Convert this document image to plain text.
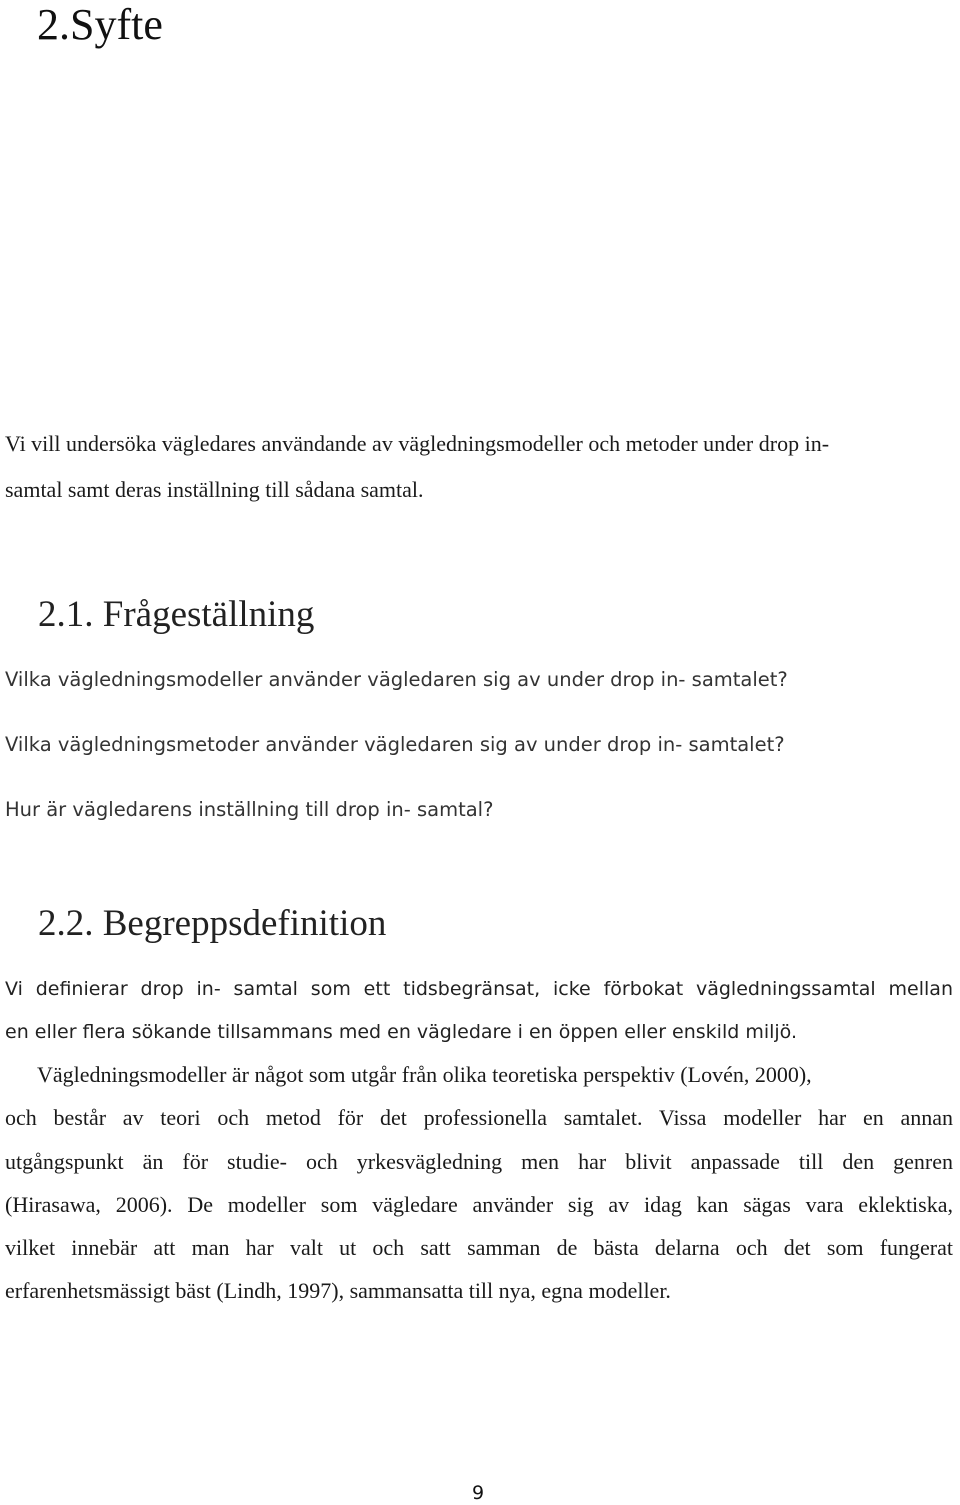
2.Syfte
Vi vill undersöka vägledares användande av vägledningsmodeller och metoder under drop in-
samtal samt deras inställning till sådana samtal.
2.1. Frågeställning
Vilka vägledningsmodeller använder vägledaren sig av under drop in- samtalet?
Vilka vägledningsmetoder använder vägledaren sig av under drop in- samtalet?
Hur är vägledarens inställning till drop in- samtal?
2.2. Begreppsdefinition
Vi definierar drop in- samtal som ett tidsbegränsat, icke förbokat vägledningssamtal mellan
en eller flera sökande tillsammans med en vägledare i en öppen eller enskild miljö.
Vägledningsmodeller är något som utgår från olika teoretiska perspektiv (Lovén, 2000),
och består av teori och metod för det professionella samtalet. Vissa modeller har en annan
utgångspunkt än för studie- och yrkesvägledning men har blivit anpassade till den genren
(Hirasawa, 2006). De modeller som vägledare använder sig av idag kan sägas vara eklektiska,
vilket innebär att man har valt ut och satt samman de bästa delarna och det som fungerat
erfarenhetsmässigt bäst (Lindh, 1997), sammansatta till nya, egna modeller.
9
